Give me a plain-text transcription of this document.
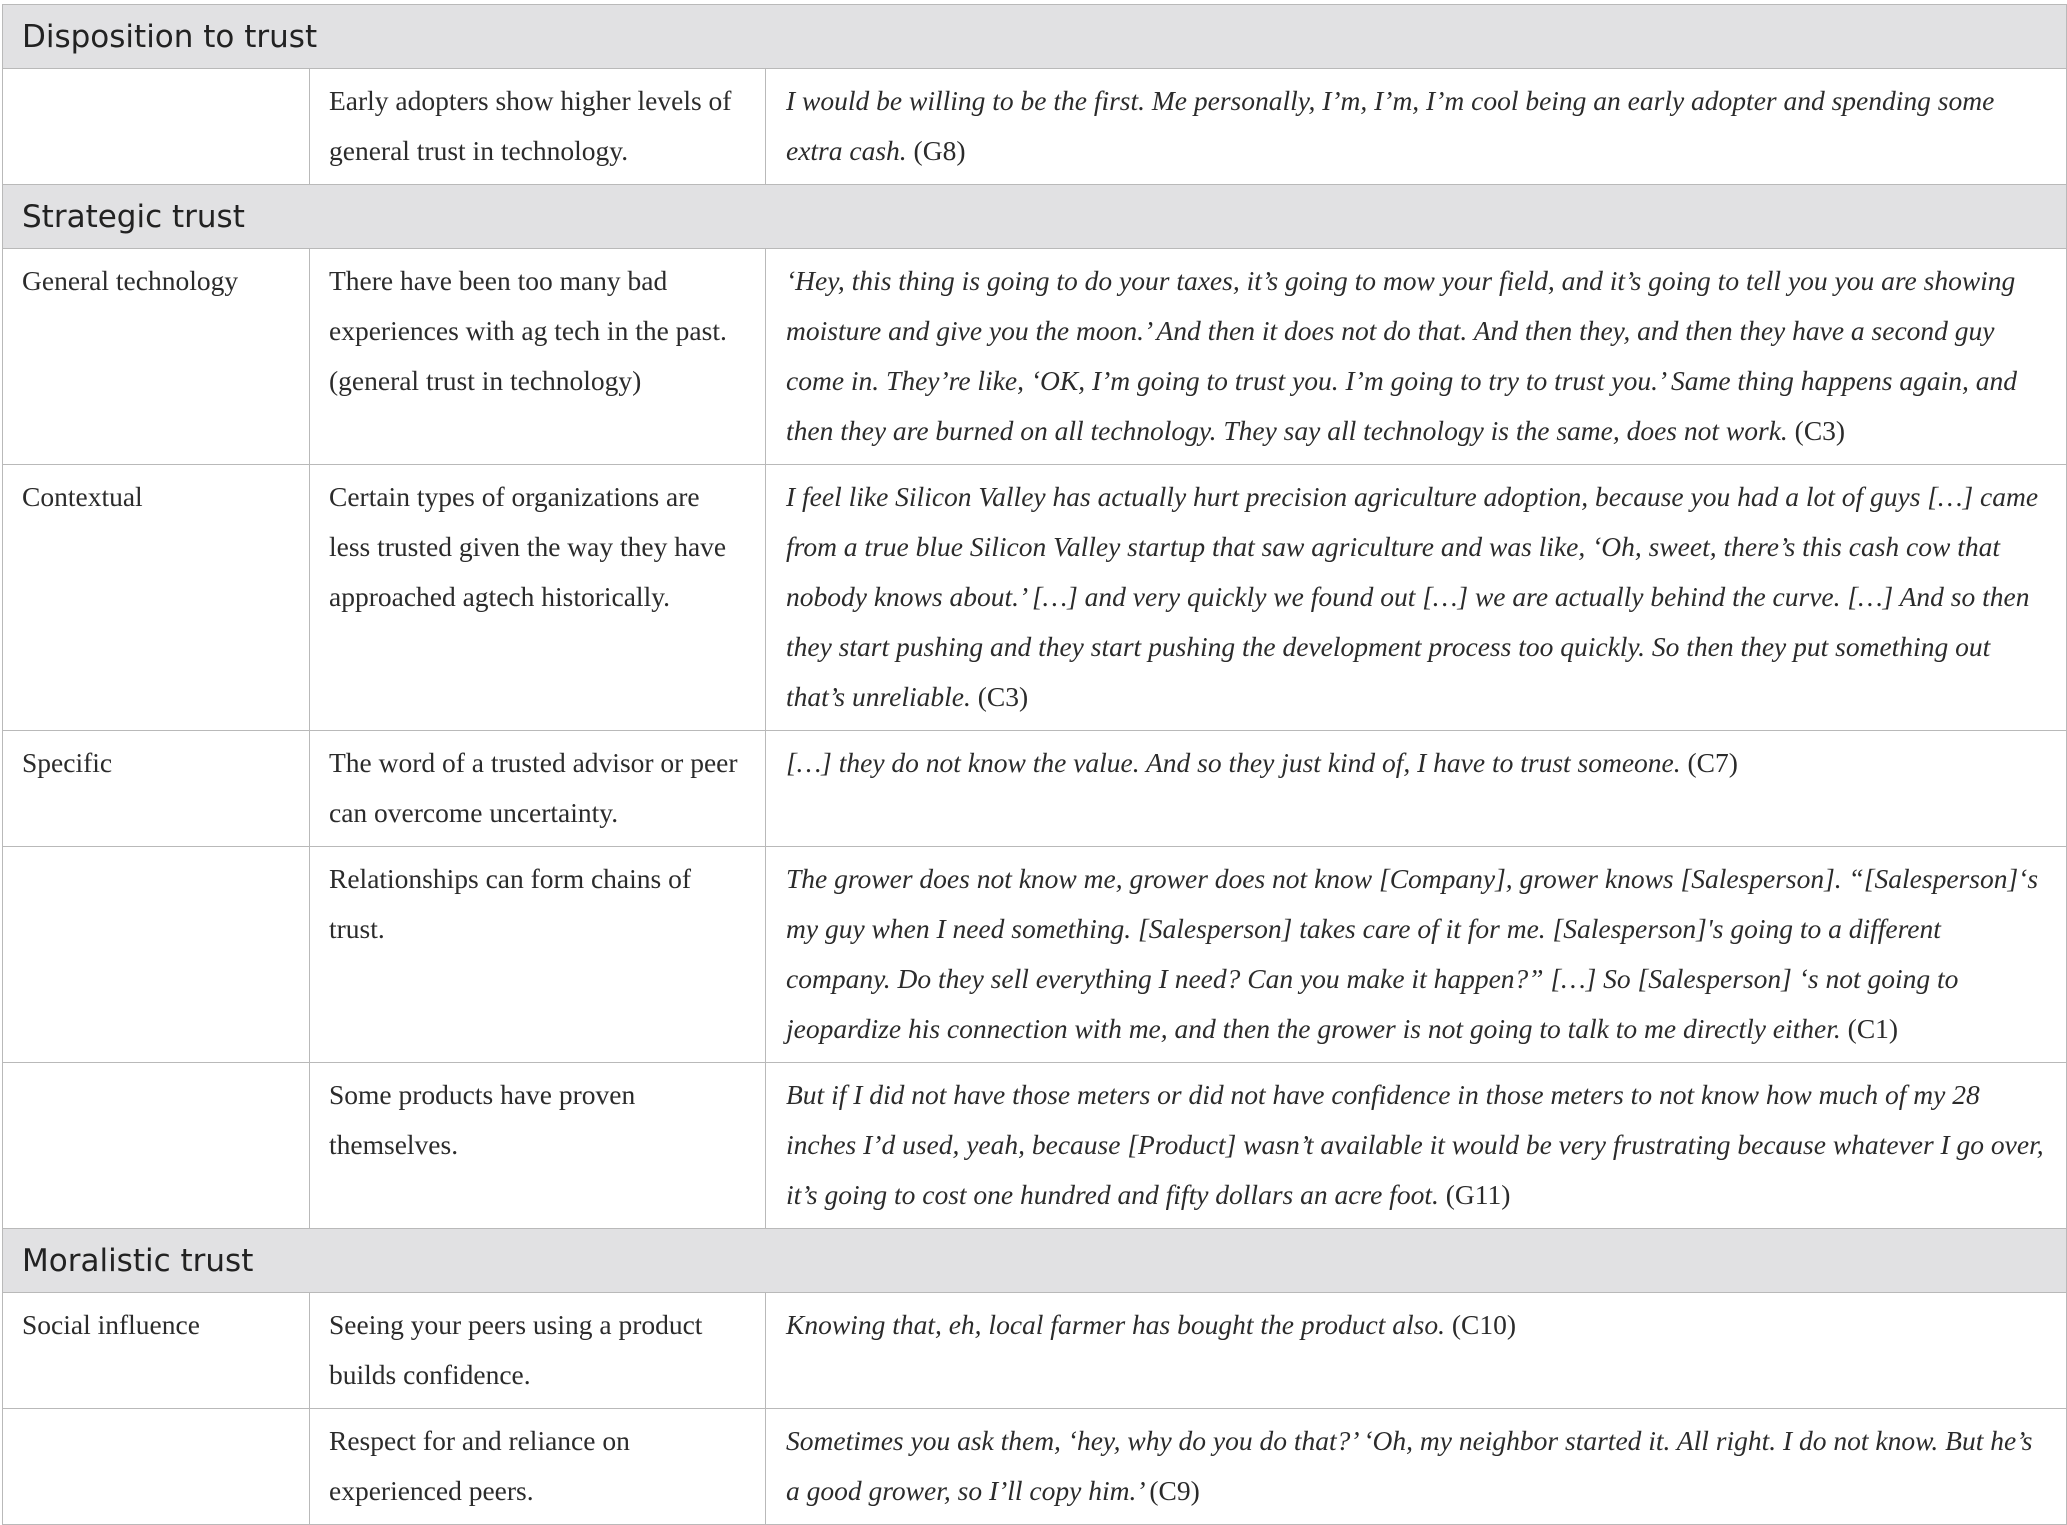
Disposition to trust		
	Early adopters show higher levels of general trust in technology.	I would be willing to be the first. Me personally, I’m, I’m, I’m cool being an early adopter and spending some extra cash. (G8)
Strategic trust		
General technology	There have been too many bad experiences with ag tech in the past. (general trust in technology)	‘Hey, this thing is going to do your taxes, it’s going to mow your field, and it’s going to tell you you are showing moisture and give you the moon.’ And then it does not do that. And then they, and then they have a second guy come in. They’re like, ‘OK, I’m going to trust you. I’m going to try to trust you.’ Same thing happens again, and then they are burned on all technology. They say all technology is the same, does not work. (C3)
Contextual	Certain types of organizations are less trusted given the way they have approached agtech historically.	I feel like Silicon Valley has actually hurt precision agriculture adoption, because you had a lot of guys […] came from a true blue Silicon Valley startup that saw agriculture and was like, ‘Oh, sweet, there’s this cash cow that nobody knows about.’ […] and very quickly we found out […] we are actually behind the curve. […] And so then they start pushing and they start pushing the development process too quickly. So then they put something out that’s unreliable. (C3)
Specific	The word of a trusted advisor or peer can overcome uncertainty.	[…] they do not know the value. And so they just kind of, I have to trust someone. (C7)
	Relationships can form chains of trust.	The grower does not know me, grower does not know [Company], grower knows [Salesperson]. “[Salesperson]‘s my guy when I need something. [Salesperson] takes care of it for me. [Salesperson]'s going to a different company. Do they sell everything I need? Can you make it happen?” […] So [Salesperson] ‘s not going to jeopardize his connection with me, and then the grower is not going to talk to me directly either. (C1)
	Some products have proven themselves.	But if I did not have those meters or did not have confidence in those meters to not know how much of my 28 inches I’d used, yeah, because [Product] wasn’t available it would be very frustrating because whatever I go over, it’s going to cost one hundred and fifty dollars an acre foot. (G11)
Moralistic trust		
Social influence	Seeing your peers using a product builds confidence.	Knowing that, eh, local farmer has bought the product also. (C10)
	Respect for and reliance on experienced peers.	Sometimes you ask them, ‘hey, why do you do that?’ ‘Oh, my neighbor started it. All right. I do not know. But he’s a good grower, so I’ll copy him.’ (C9)
